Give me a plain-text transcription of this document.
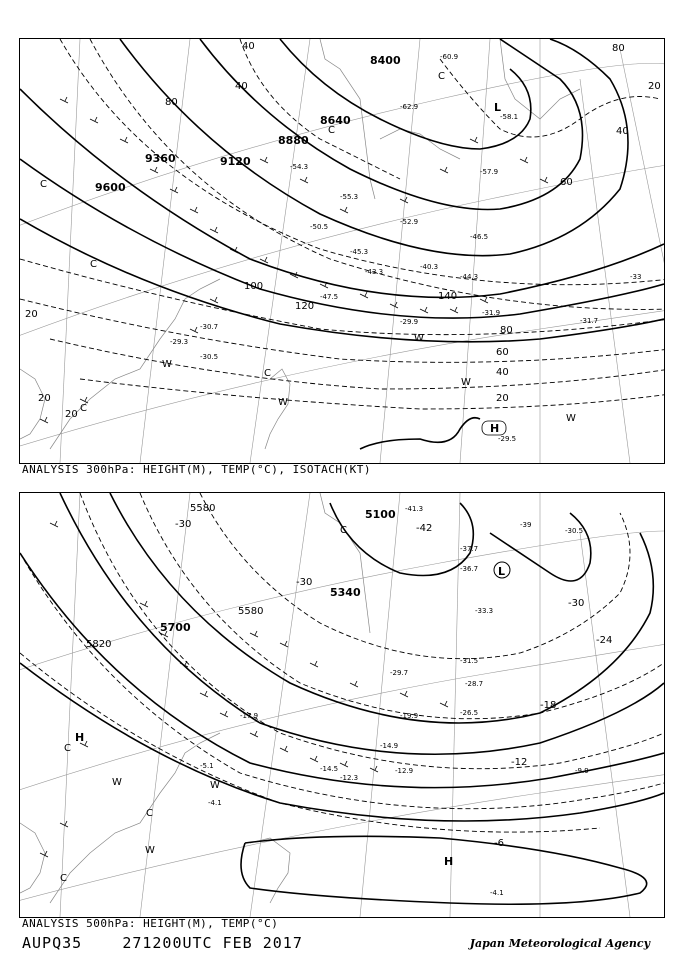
8400
8640
8880
9120
9360
9600
40
40
60
80
100
120
140
80
60
40
20
20
20
20
80
40
20
L
H
C
C
C
C
W
W
W
W
W
C
C
-29.5
-31.7
-33
-31.9
-29.9
-30.7
-43.3
-46.5
-52.9
-57.9
-58.1
-60.9
-62.9
-55.3
-54.3
-50.5
-47.5
-45.3
-40.3
-44.3
-30.5
-29.3
ANALYSIS 300hPa: HEIGHT(M), TEMP(°C), ISOTACH(KT)
5100
5340
5580
5700
5820
5580
-42
-30
-30
-24
-18
-12
-6
-30
L
H
H
C
C
C
C
W	W
W
-37.7
-36.7
-33.3
-31.5
-28.7
-26.5
-19.9
-14.9
-12.9	-9.9
-4.1
-4.1
-30.5
-41.3
-39
-29.7
-17.9
-14.5
-12.3
-5.1
ANALYSIS 500hPa: HEIGHT(M), TEMP(°C)
AUPQ35	271200UTC FEB 2017	Japan Meteorological Agency
